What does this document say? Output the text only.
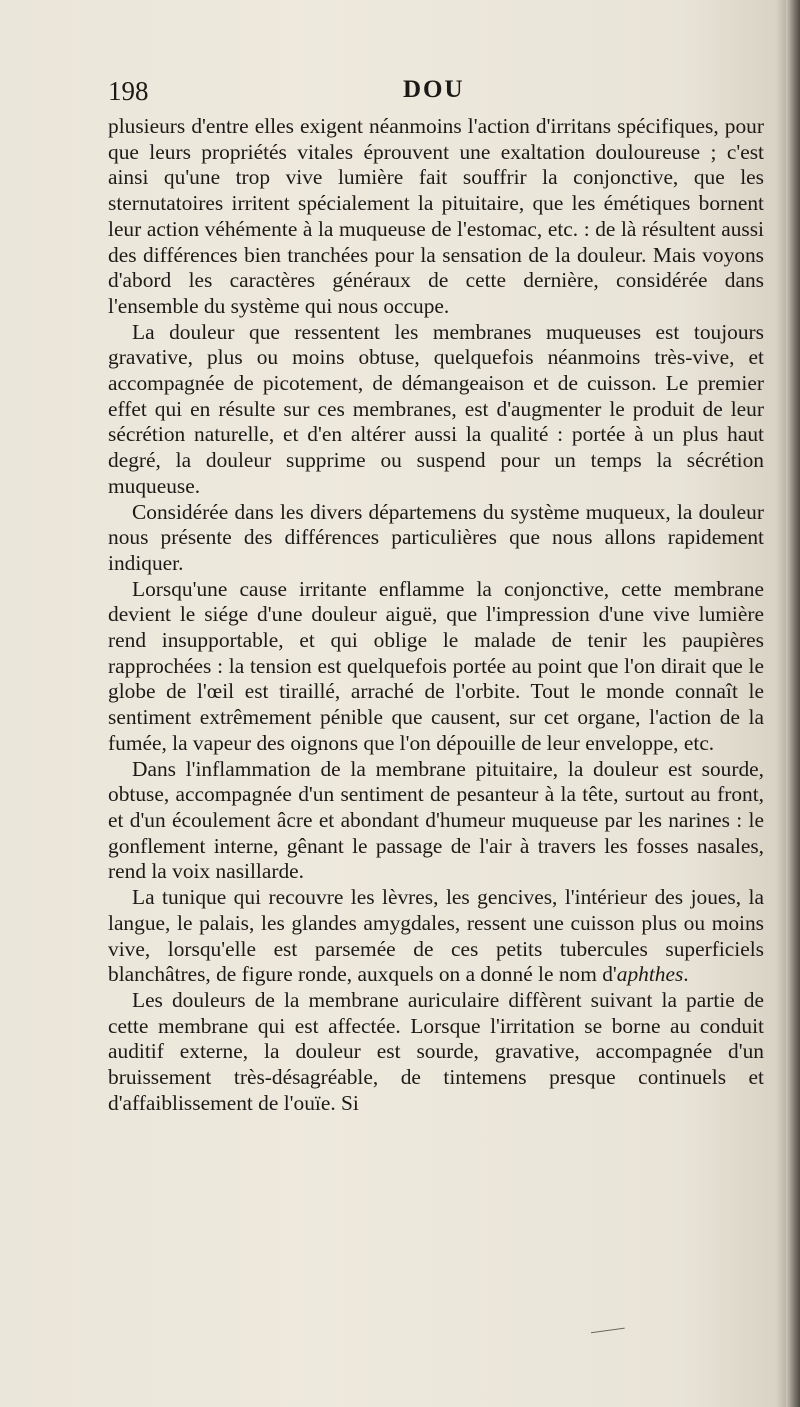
198	DOU

plusieurs d'entre elles exigent néanmoins l'action d'irritans spécifiques, pour que leurs propriétés vitales éprouvent une exaltation douloureuse ; c'est ainsi qu'une trop vive lumière fait souffrir la conjonctive, que les sternutatoires irritent spécialement la pituitaire, que les émétiques bornent leur action véhémente à la muqueuse de l'estomac, etc. : de là résultent aussi des différences bien tranchées pour la sensation de la douleur. Mais voyons d'abord les caractères généraux de cette dernière, considérée dans l'ensemble du système qui nous occupe.

La douleur que ressentent les membranes muqueuses est toujours gravative, plus ou moins obtuse, quelquefois néanmoins très-vive, et accompagnée de picotement, de démangeaison et de cuisson. Le premier effet qui en résulte sur ces membranes, est d'augmenter le produit de leur sécrétion naturelle, et d'en altérer aussi la qualité : portée à un plus haut degré, la douleur supprime ou suspend pour un temps la sécrétion muqueuse.

Considérée dans les divers départemens du système muqueux, la douleur nous présente des différences particulières que nous allons rapidement indiquer.

Lorsqu'une cause irritante enflamme la conjonctive, cette membrane devient le siége d'une douleur aiguë, que l'impression d'une vive lumière rend insupportable, et qui oblige le malade de tenir les paupières rapprochées : la tension est quelquefois portée au point que l'on dirait que le globe de l'œil est tiraillé, arraché de l'orbite. Tout le monde connaît le sentiment extrêmement pénible que causent, sur cet organe, l'action de la fumée, la vapeur des oignons que l'on dépouille de leur enveloppe, etc.

Dans l'inflammation de la membrane pituitaire, la douleur est sourde, obtuse, accompagnée d'un sentiment de pesanteur à la tête, surtout au front, et d'un écoulement âcre et abondant d'humeur muqueuse par les narines : le gonflement interne, gênant le passage de l'air à travers les fosses nasales, rend la voix nasillarde.

La tunique qui recouvre les lèvres, les gencives, l'intérieur des joues, la langue, le palais, les glandes amygdales, ressent une cuisson plus ou moins vive, lorsqu'elle est parsemée de ces petits tubercules superficiels blanchâtres, de figure ronde, auxquels on a donné le nom d'aphthes.

Les douleurs de la membrane auriculaire diffèrent suivant la partie de cette membrane qui est affectée. Lorsque l'irritation se borne au conduit auditif externe, la douleur est sourde, gravative, accompagnée d'un bruissement très-désagréable, de tintemens presque continuels et d'affaiblissement de l'ouïe. Si
